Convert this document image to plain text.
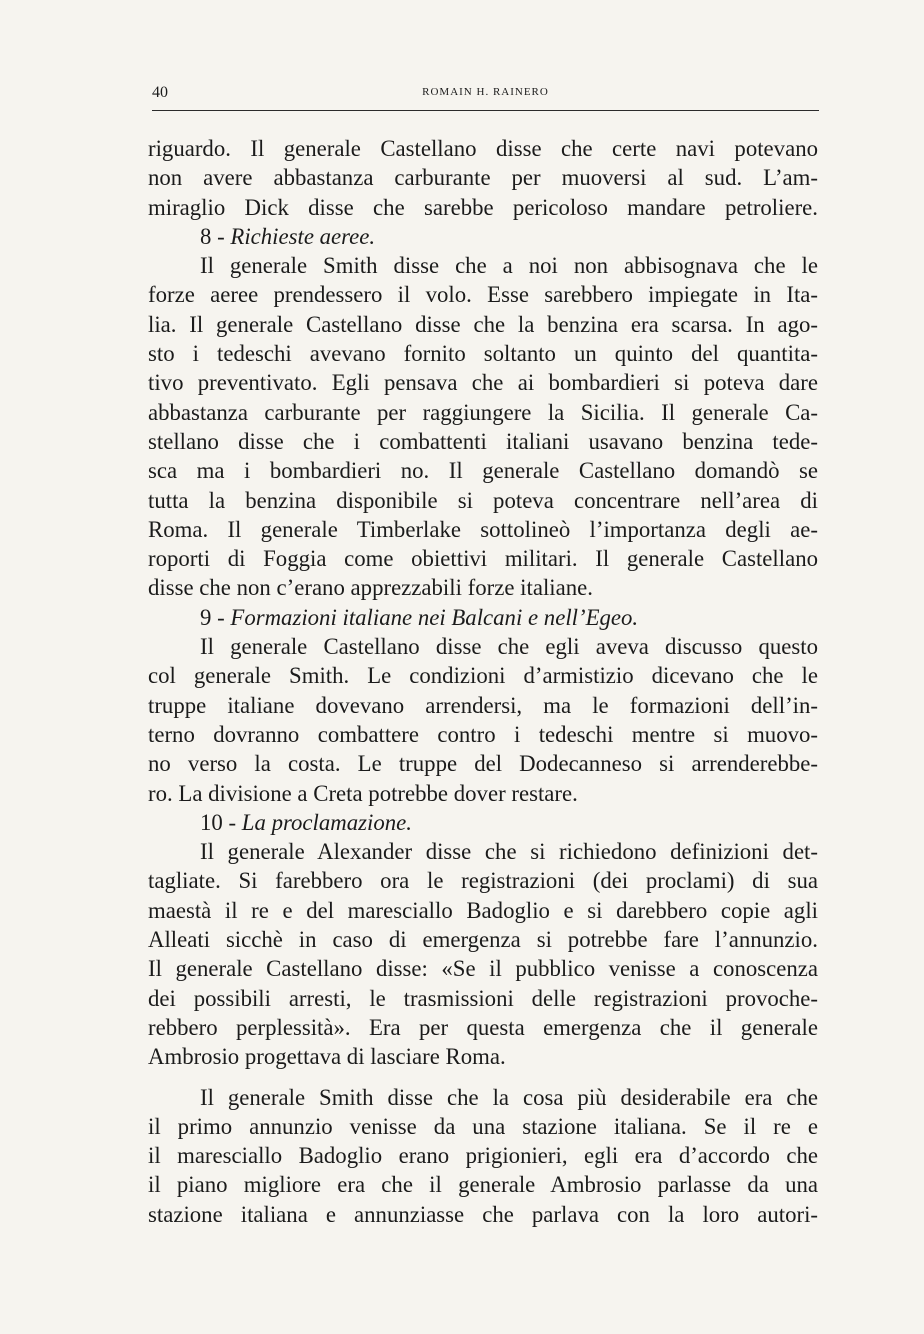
40	ROMAIN H. RAINERO
riguardo. Il generale Castellano disse che certe navi potevano
non avere abbastanza carburante per muoversi al sud. L’am-
miraglio Dick disse che sarebbe pericoloso mandare petroliere.
8 - Richieste aeree.
Il generale Smith disse che a noi non abbisognava che le
forze aeree prendessero il volo. Esse sarebbero impiegate in Ita-
lia. Il generale Castellano disse che la benzina era scarsa. In ago-
sto i tedeschi avevano fornito soltanto un quinto del quantita-
tivo preventivato. Egli pensava che ai bombardieri si poteva dare
abbastanza carburante per raggiungere la Sicilia. Il generale Ca-
stellano disse che i combattenti italiani usavano benzina tede-
sca ma i bombardieri no. Il generale Castellano domandò se
tutta la benzina disponibile si poteva concentrare nell’area di
Roma. Il generale Timberlake sottolineò l’importanza degli ae-
roporti di Foggia come obiettivi militari. Il generale Castellano
disse che non c’erano apprezzabili forze italiane.
9 - Formazioni italiane nei Balcani e nell’Egeo.
Il generale Castellano disse che egli aveva discusso questo
col generale Smith. Le condizioni d’armistizio dicevano che le
truppe italiane dovevano arrendersi, ma le formazioni dell’in-
terno dovranno combattere contro i tedeschi mentre si muovo-
no verso la costa. Le truppe del Dodecanneso si arrenderebbe-
ro. La divisione a Creta potrebbe dover restare.
10 - La proclamazione.
Il generale Alexander disse che si richiedono definizioni det-
tagliate. Si farebbero ora le registrazioni (dei proclami) di sua
maestà il re e del maresciallo Badoglio e si darebbero copie agli
Alleati sicchè in caso di emergenza si potrebbe fare l’annunzio.
Il generale Castellano disse: «Se il pubblico venisse a conoscenza
dei possibili arresti, le trasmissioni delle registrazioni provoche-
rebbero perplessità». Era per questa emergenza che il generale
Ambrosio progettava di lasciare Roma.
Il generale Smith disse che la cosa più desiderabile era che
il primo annunzio venisse da una stazione italiana. Se il re e
il maresciallo Badoglio erano prigionieri, egli era d’accordo che
il piano migliore era che il generale Ambrosio parlasse da una
stazione italiana e annunziasse che parlava con la loro autori-
